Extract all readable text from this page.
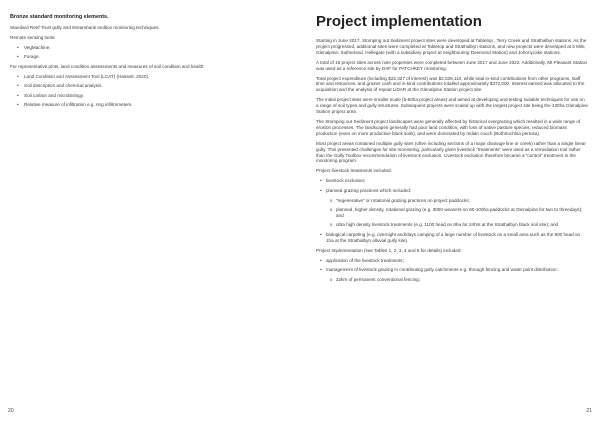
Bronze standard monitoring elements.

Standard Reef Trust gully and streambank toolbox monitoring techniques.

Remote sensing tools:

• VegMachine.
• Forage.

For representative plots, land condition assessments and measures of soil condition and health:

• Land Condition and Assessment Tool (LCAT) (Hassett, 2020).
• Soil description and chemical analysis.
• Soil carbon and microbiology.
• Relative measure of infiltration e.g. ring infiltrometers.
20
Project implementation

Starting in June 2017, Stomping out Sediment project sites were developed at Tabletop , Terry Creek and Strathalbyn stations. As the project progressed, additional sites were completed at Tabletop and Strathalbyn stations, and new projects were developed at 5 Mile, Glenalpine, Sutherland, Hellegate (with a subsidiary project at neighbouring Deemond Station) and Johnnycake stations.

A total of 16 project sites across nine properties were completed between June 2017 and June 2022. Additionally, Mt Pleasant Station was used as a reference site by DAF for PATCHKEY monitoring.

Total project expenditure (including $22,327 of interest) was $2,039,110, while total in-kind contributions from other programs, staff time and resources, and grazier cash and in-kind contributions totalled approximately $372,000. Interest earned was allocated to the acquisition and the analysis of repeat LiDAR at the Glenalpine Station project site.

The initial project sites were smaller scale (5-50ha project areas) and aimed at developing and testing suitable techniques for use on a range of soil types and gully structures. Subsequent projects were scaled up with the largest project site being the 430ha Glenalpine Station project area.

The Stomping out Sediment project landscapes were generally affected by historical overgrazing which resulted in a wide range of erosion processes. The landscapes generally had poor land condition, with loss of native pasture species, reduced biomass production (even on more productive black soils), and were dominated by Indian couch (Bothriochloa pertusa).

Most project areas contained multiple gully sites (often including sections of a major drainage line or creek) rather than a single linear gully. This presented challenges for site monitoring, particularly given livestock “treatments” were used as a remediation tool rather than the Gully Toolbox recommendation of livestock exclusion. Livestock exclusion therefore became a “control” treatment in the monitoring program.

Project livestock treatments included:

• livestock exclusion;
• planned grazing practices which included:
o “regenerative” or rotational grazing practices on project paddocks;
o planned, higher density, rotational grazing (e.g. 3000 weaners on 60-100ha paddocks at Glenalpine for two to threedays); and
o ultra high density livestock treatments (e.g. 1100 head on 8ha for 24hrs at the Strathalbyn black soil site); and
• biological carpeting (e.g. overnight and/days camping of a large number of livestock on a small area such as the 800 head on 1ha at the Strathalbyn alluvial gully site).

Project implementation (see Tables 1, 2, 3, 4 and 5 for details) included:

• application of the livestock treatments;
• management of livestock grazing in contributing gully catchments e.g. through fencing and water point distribution:
o 22km of permanent conventional fencing;
21
